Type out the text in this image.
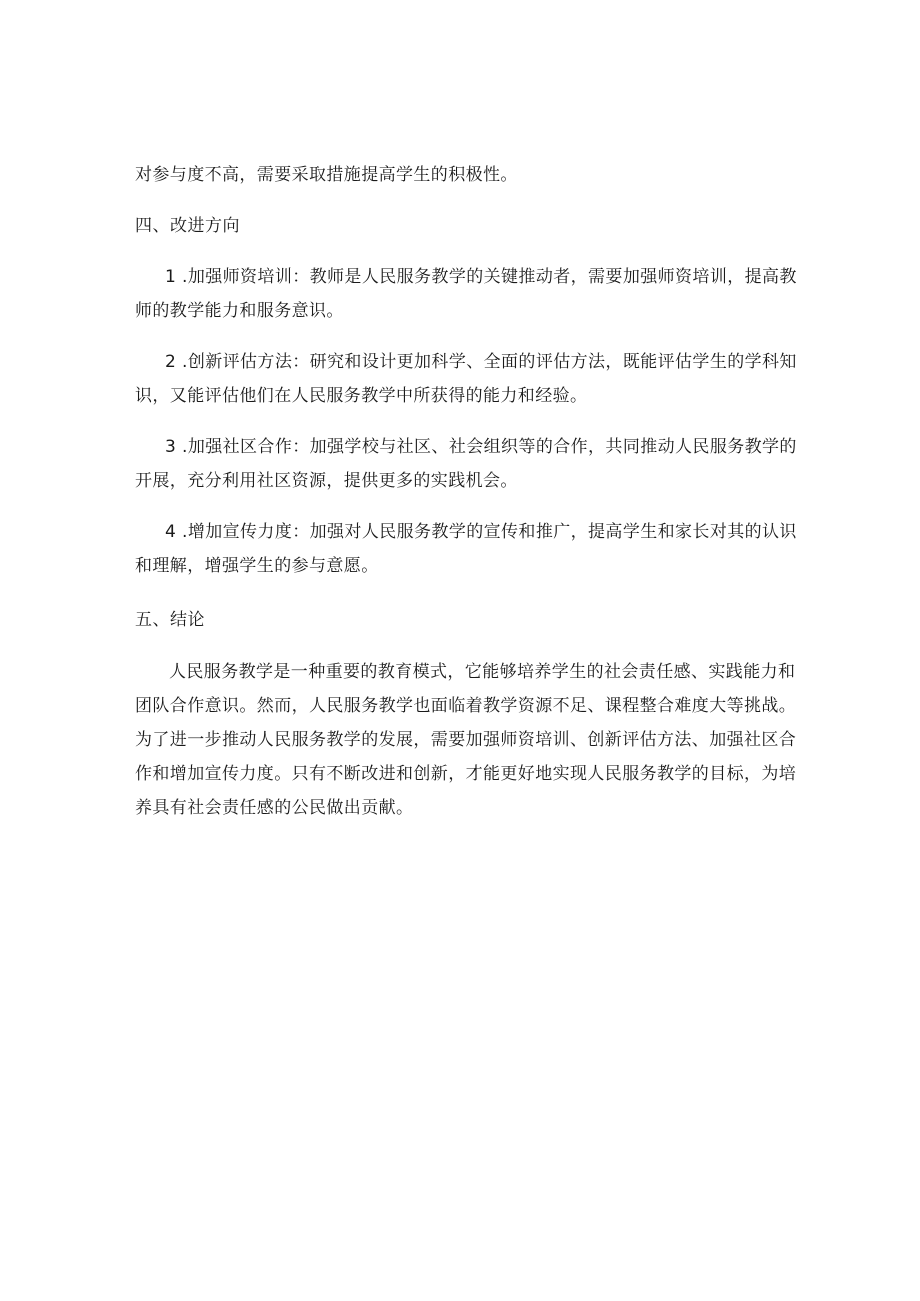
对参与度不高，需要采取措施提高学生的积极性。
四、改进方向
1 .加强师资培训：教师是人民服务教学的关键推动者，需要加强师资培训，提高教
师的教学能力和服务意识。
2 .创新评估方法：研究和设计更加科学、全面的评估方法，既能评估学生的学科知
识，又能评估他们在人民服务教学中所获得的能力和经验。
3 .加强社区合作：加强学校与社区、社会组织等的合作，共同推动人民服务教学的
开展，充分利用社区资源，提供更多的实践机会。
4 .增加宣传力度：加强对人民服务教学的宣传和推广，提高学生和家长对其的认识
和理解，增强学生的参与意愿。
五、结论
人民服务教学是一种重要的教育模式，它能够培养学生的社会责任感、实践能力和
团队合作意识。然而，人民服务教学也面临着教学资源不足、课程整合难度大等挑战。
为了进一步推动人民服务教学的发展，需要加强师资培训、创新评估方法、加强社区合
作和增加宣传力度。只有不断改进和创新，才能更好地实现人民服务教学的目标，为培
养具有社会责任感的公民做出贡献。
